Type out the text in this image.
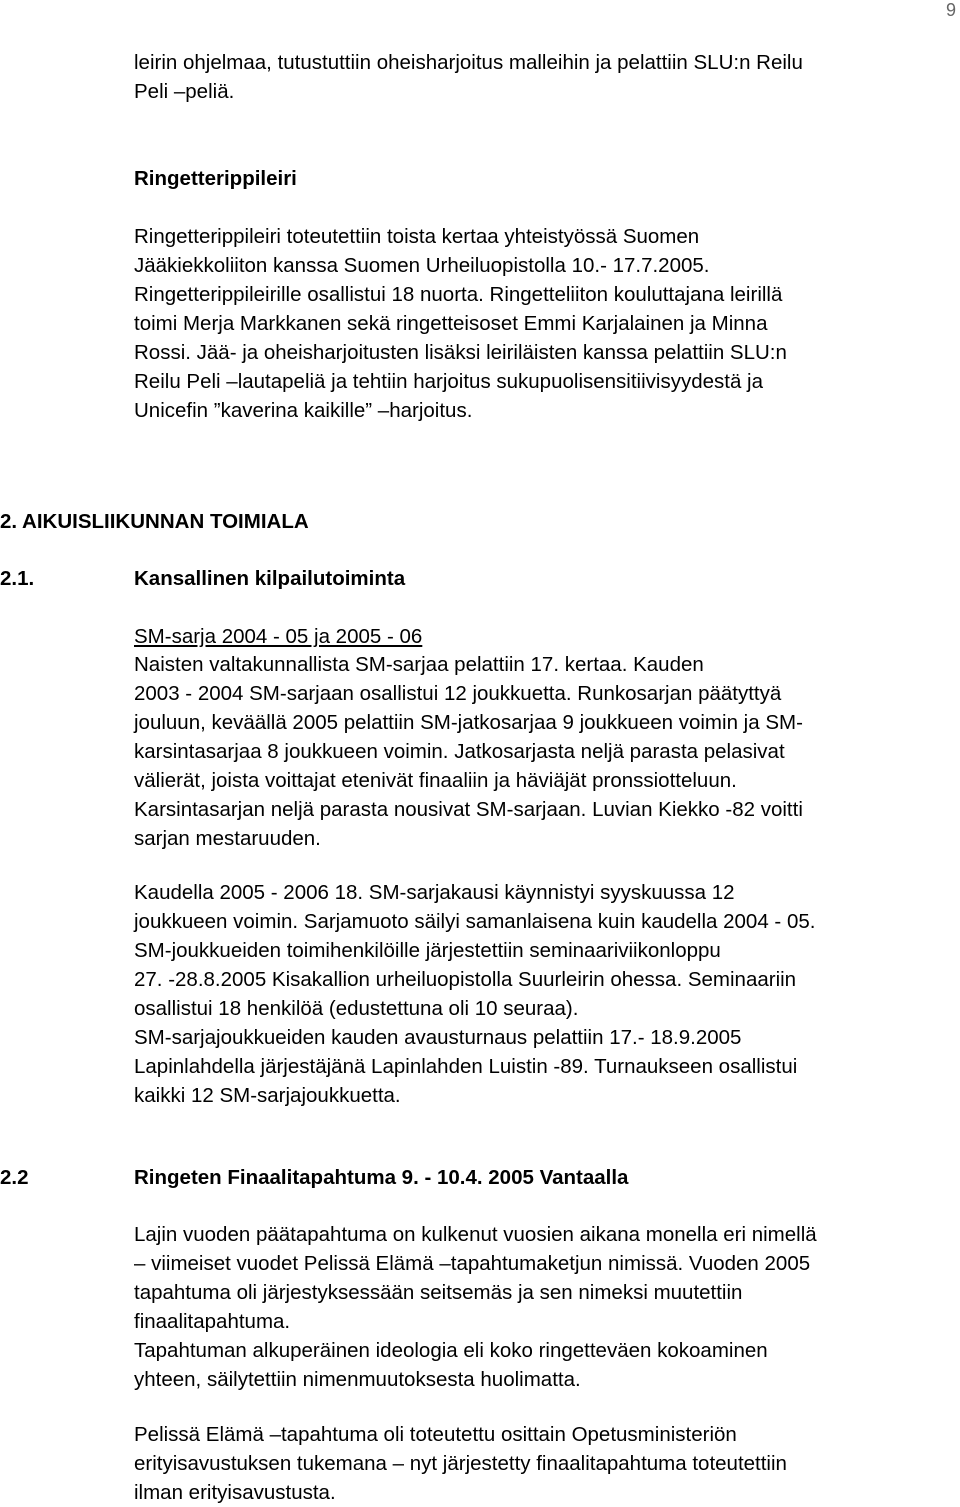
9
leirin ohjelmaa, tutustuttiin oheisharjoitus malleihin ja pelattiin SLU:n Reilu
Peli –peliä.
Ringetterippileiri
Ringetterippileiri toteutettiin toista kertaa yhteistyössä Suomen
Jääkiekkoliiton kanssa Suomen Urheiluopistolla 10.- 17.7.2005.
Ringetterippileirille osallistui 18 nuorta. Ringetteliiton kouluttajana leirillä
toimi Merja Markkanen sekä ringetteisoset Emmi Karjalainen ja Minna
Rossi. Jää- ja oheisharjoitusten lisäksi leiriläisten kanssa pelattiin SLU:n
Reilu Peli –lautapeliä ja tehtiin harjoitus sukupuolisensitiivisyydestä ja
Unicefin ”kaverina kaikille” –harjoitus.
2. AIKUISLIIKUNNAN TOIMIALA
2.1.	Kansallinen kilpailutoiminta
SM-sarja 2004 - 05 ja 2005 - 06
Naisten valtakunnallista SM-sarjaa pelattiin 17. kertaa. Kauden
2003 - 2004 SM-sarjaan osallistui 12 joukkuetta. Runkosarjan päätyttyä
jouluun, keväällä 2005 pelattiin SM-jatkosarjaa 9 joukkueen voimin ja SM-
karsintasarjaa 8 joukkueen voimin. Jatkosarjasta neljä parasta pelasivat
välierät, joista voittajat etenivät finaaliin ja häviäjät pronssiotteluun.
Karsintasarjan neljä parasta nousivat SM-sarjaan. Luvian Kiekko -82 voitti
sarjan mestaruuden.
Kaudella 2005 - 2006 18. SM-sarjakausi käynnistyi syyskuussa 12
joukkueen voimin. Sarjamuoto säilyi samanlaisena kuin kaudella 2004 - 05.
SM-joukkueiden toimihenkilöille järjestettiin seminaariviikonloppu
27. -28.8.2005 Kisakallion urheiluopistolla Suurleirin ohessa. Seminaariin
osallistui 18 henkilöä (edustettuna oli 10 seuraa).
SM-sarjajoukkueiden kauden avausturnaus pelattiin 17.- 18.9.2005
Lapinlahdella järjestäjänä Lapinlahden Luistin -89. Turnaukseen osallistui
kaikki 12 SM-sarjajoukkuetta.
2.2	Ringeten Finaalitapahtuma 9. - 10.4. 2005 Vantaalla
Lajin vuoden päätapahtuma on kulkenut vuosien aikana monella eri nimellä
– viimeiset vuodet Pelissä Elämä –tapahtumaketjun nimissä. Vuoden 2005
tapahtuma oli järjestyksessään seitsemäs ja sen nimeksi muutettiin
finaalitapahtuma.
Tapahtuman alkuperäinen ideologia eli koko ringetteväen kokoaminen
yhteen, säilytettiin nimenmuutoksesta huolimatta.
Pelissä Elämä –tapahtuma oli toteutettu osittain Opetusministeriön
erityisavustuksen tukemana – nyt järjestetty finaalitapahtuma toteutettiin
ilman erityisavustusta.
